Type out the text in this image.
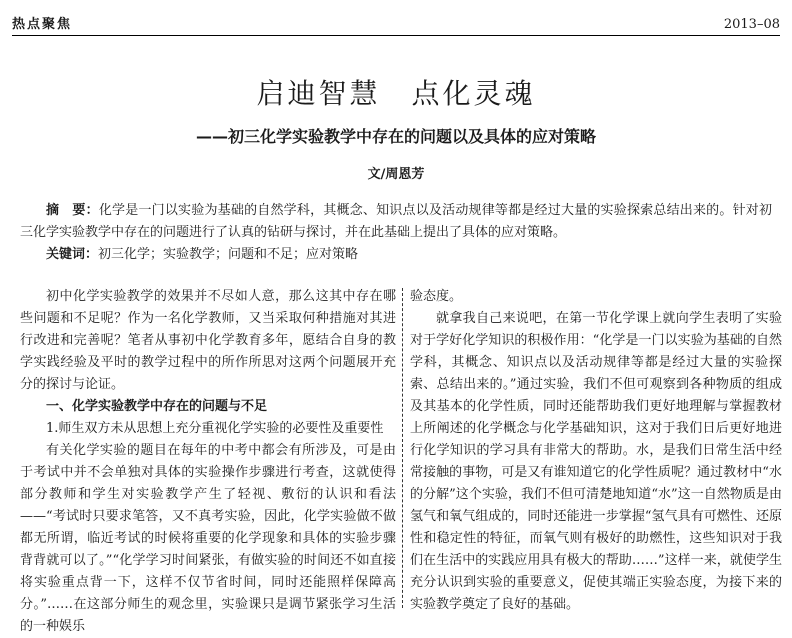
热点聚焦	2013–08
启迪智慧　点化灵魂
——初三化学实验教学中存在的问题以及具体的应对策略
文/周恩芳
摘　要：化学是一门以实验为基础的自然学科，其概念、知识点以及活动规律等都是经过大量的实验探索总结出来的。针对初三化学实验教学中存在的问题进行了认真的钻研与探讨，并在此基础上提出了具体的应对策略。
关键词：初三化学；实验教学；问题和不足；应对策略

初中化学实验教学的效果并不尽如人意，那么这其中存在哪些问题和不足呢？作为一名化学教师，又当采取何种措施对其进行改进和完善呢？笔者从事初中化学教育多年，愿结合自身的教学实践经验及平时的教学过程中的所作所思对这两个问题展开充分的探讨与论证。

一、化学实验教学中存在的问题与不足

1.师生双方未从思想上充分重视化学实验的必要性及重要性

有关化学实验的题目在每年的中考中都会有所涉及，可是由于考试中并不会单独对具体的实验操作步骤进行考查，这就使得部分教师和学生对实验教学产生了轻视、敷衍的认识和看法——“考试时只要求笔答，又不真考实验，因此，化学实验做不做都无所谓，临近考试的时候将重要的化学现象和具体的实验步骤背背就可以了。”“化学学习时间紧张，有做实验的时间还不如直接将实验重点背一下，这样不仅节省时间，同时还能照样保障高分。”……在这部分师生的观念里，实验课只是调节紧张学习生活的一种娱乐

验态度。

就拿我自己来说吧，在第一节化学课上就向学生表明了实验对于学好化学知识的积极作用：“化学是一门以实验为基础的自然学科，其概念、知识点以及活动规律等都是经过大量的实验探索、总结出来的。”通过实验，我们不但可观察到各种物质的组成及其基本的化学性质，同时还能帮助我们更好地理解与掌握教材上所阐述的化学概念与化学基础知识，这对于我们日后更好地进行化学知识的学习具有非常大的帮助。水，是我们日常生活中经常接触的事物，可是又有谁知道它的化学性质呢？通过教材中“水的分解”这个实验，我们不但可清楚地知道“水”这一自然物质是由氢气和氧气组成的，同时还能进一步掌握“氢气具有可燃性、还原性和稳定性的特征，而氧气则有极好的助燃性，这些知识对于我们在生活中的实践应用具有极大的帮助……”这样一来，就使学生充分认识到实验的重要意义，促使其端正实验态度，为接下来的实验教学奠定了良好的基础。
